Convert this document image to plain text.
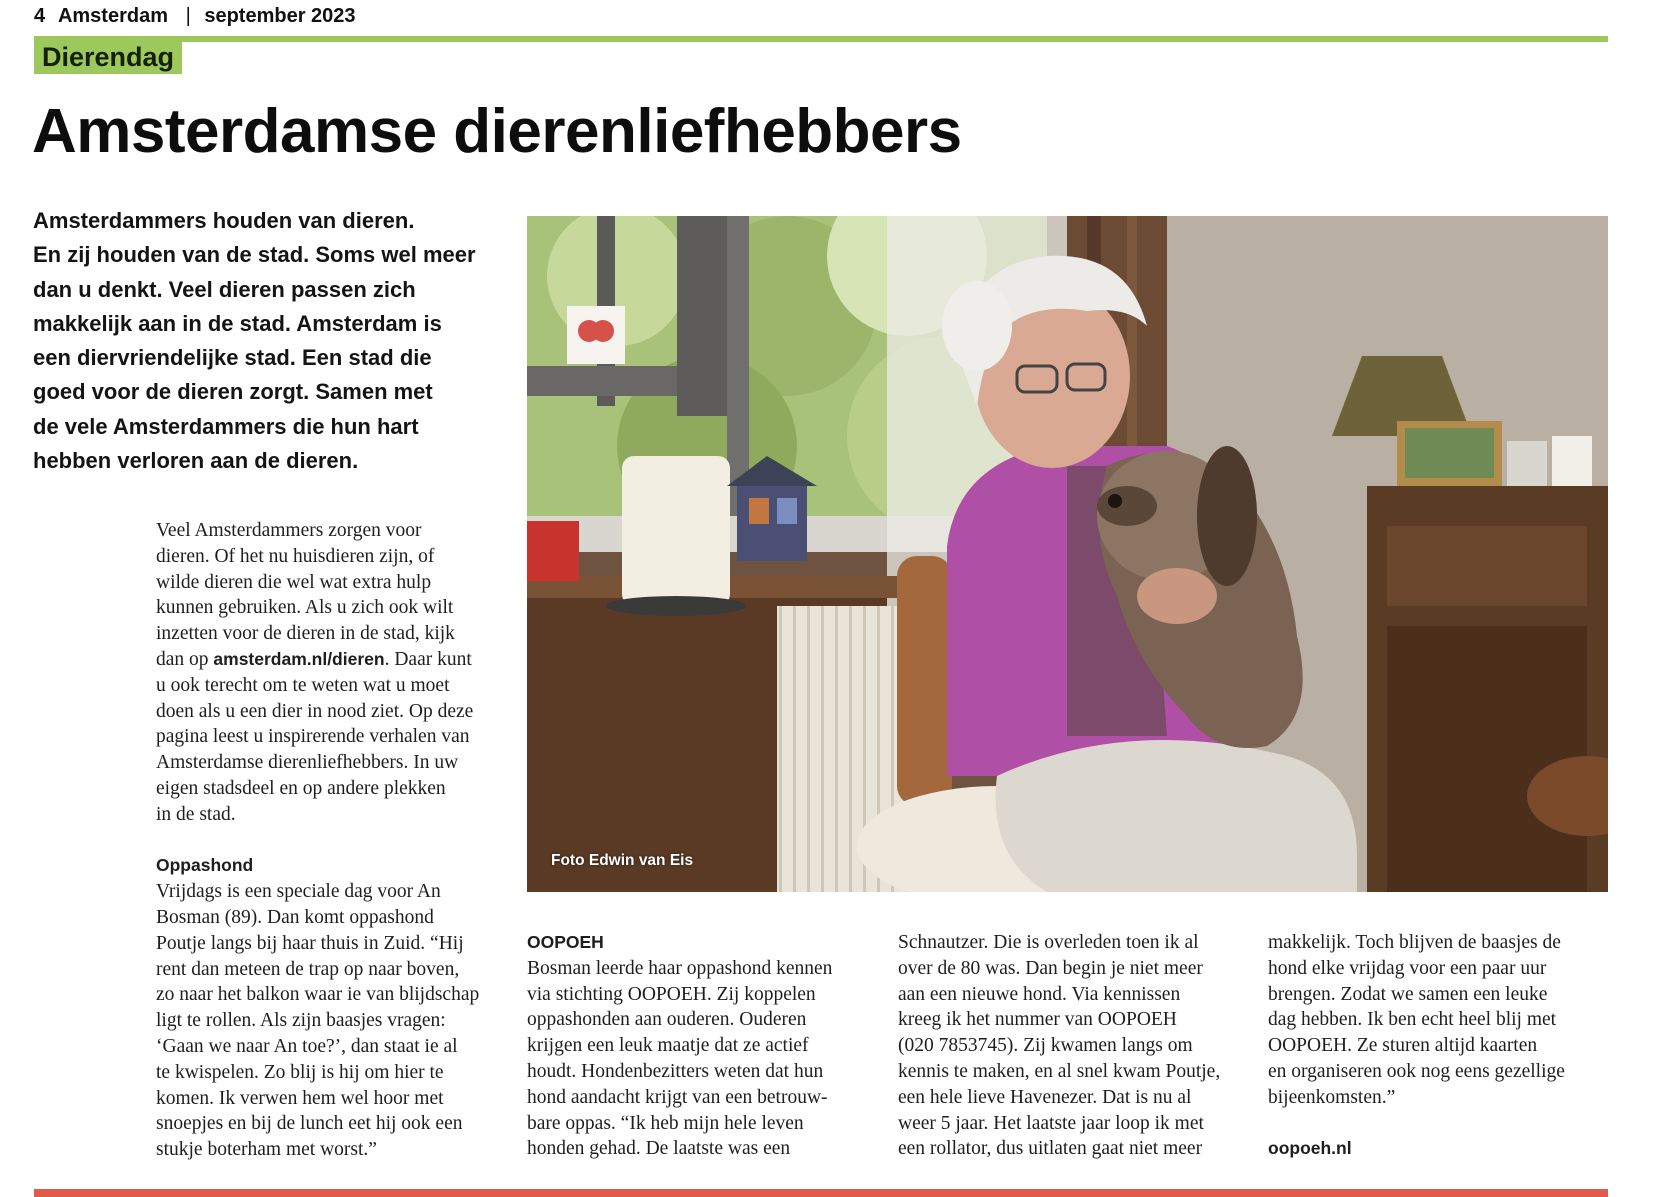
4 Amsterdam | september 2023
Dierendag
Amsterdamse dierenliefhebbers
Amsterdammers houden van dieren.
En zij houden van de stad. Soms wel meer
dan u denkt. Veel dieren passen zich
makkelijk aan in de stad. Amsterdam is
een diervriendelijke stad. Een stad die
goed voor de dieren zorgt. Samen met
de vele Amsterdammers die hun hart
hebben verloren aan de dieren.
Veel Amsterdammers zorgen voor
dieren. Of het nu huisdieren zijn, of
wilde dieren die wel wat extra hulp
kunnen gebruiken. Als u zich ook wilt
inzetten voor de dieren in de stad, kijk
dan op amsterdam.nl/dieren. Daar kunt
u ook terecht om te weten wat u moet
doen als u een dier in nood ziet. Op deze
pagina leest u inspirerende verhalen van
Amsterdamse dierenliefhebbers. In uw
eigen stadsdeel en op andere plekken
in de stad.
Oppashond
Vrijdags is een speciale dag voor An
Bosman (89). Dan komt oppashond
Poutje langs bij haar thuis in Zuid. “Hij
rent dan meteen de trap op naar boven,
zo naar het balkon waar ie van blijdschap
ligt te rollen. Als zijn baasjes vragen:
‘Gaan we naar An toe?’, dan staat ie al
te kwispelen. Zo blij is hij om hier te
komen. Ik verwen hem wel hoor met
snoepjes en bij de lunch eet hij ook een
stukje boterham met worst.”
Foto Edwin van Eis
OOPOEH
Bosman leerde haar oppashond kennen
via stichting OOPOEH. Zij koppelen
oppashonden aan ouderen. Ouderen
krijgen een leuk maatje dat ze actief
houdt. Hondenbezitters weten dat hun
hond aandacht krijgt van een betrouw-
bare oppas. “Ik heb mijn hele leven
honden gehad. De laatste was een
Schnautzer. Die is overleden toen ik al
over de 80 was. Dan begin je niet meer
aan een nieuwe hond. Via kennissen
kreeg ik het nummer van OOPOEH
(020 7853745). Zij kwamen langs om
kennis te maken, en al snel kwam Poutje,
een hele lieve Havenezer. Dat is nu al
weer 5 jaar. Het laatste jaar loop ik met
een rollator, dus uitlaten gaat niet meer
makkelijk. Toch blijven de baasjes de
hond elke vrijdag voor een paar uur
brengen. Zodat we samen een leuke
dag hebben. Ik ben echt heel blij met
OOPOEH. Ze sturen altijd kaarten
en organiseren ook nog eens gezellige
bijeenkomsten.”
oopoeh.nl
